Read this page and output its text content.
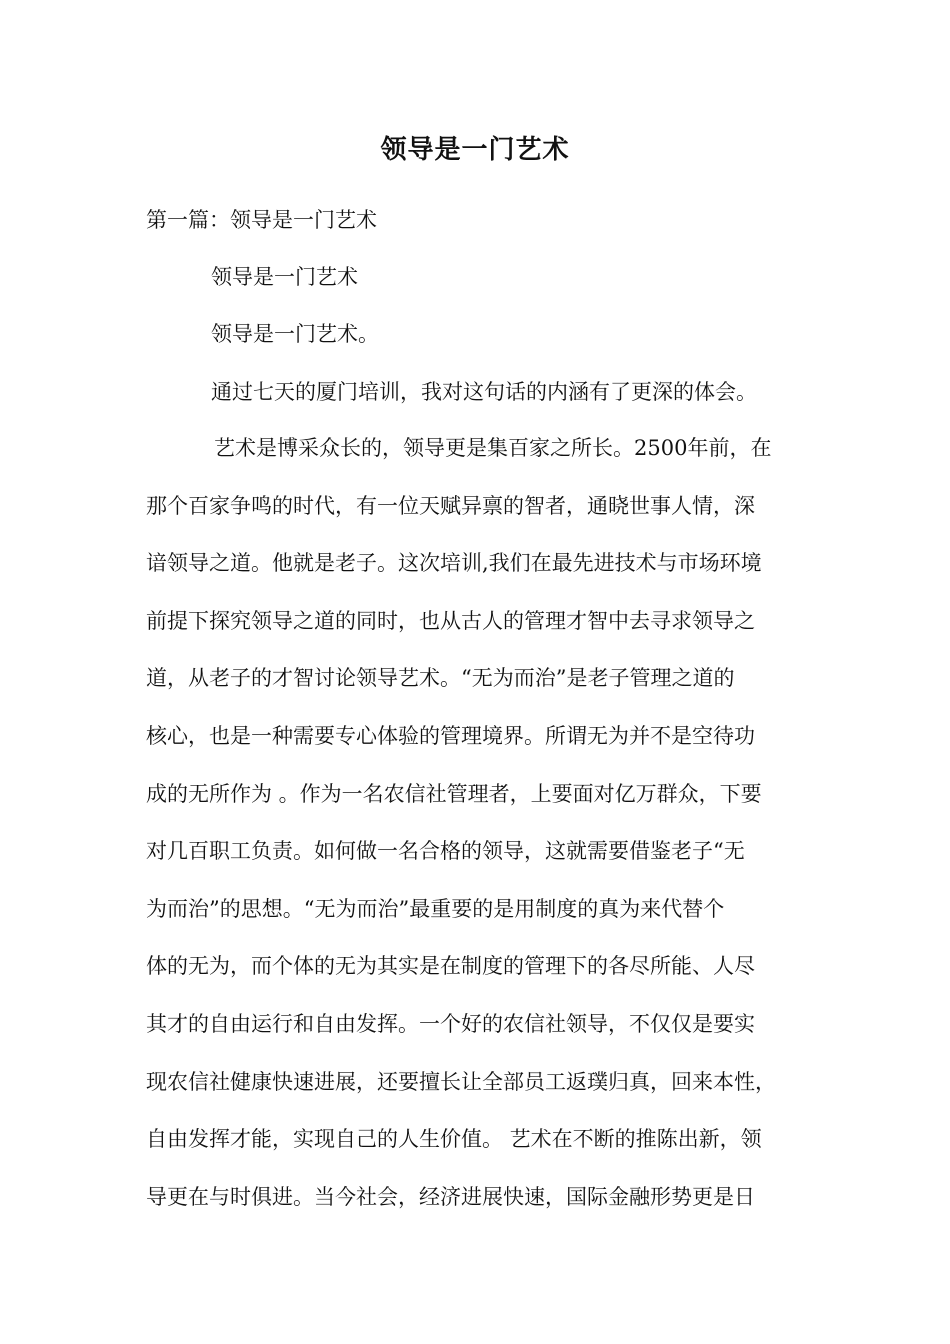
领导是一门艺术
第一篇：领导是一门艺术
领导是一门艺术
领导是一门艺术。
通过七天的厦门培训，我对这句话的内涵有了更深的体会。
艺术是博采众长的，领导更是集百家之所长。2500年前，在
那个百家争鸣的时代，有一位天赋异禀的智者，通晓世事人情，深
谙领导之道。他就是老子。这次培训,我们在最先进技术与市场环境
前提下探究领导之道的同时，也从古人的管理才智中去寻求领导之
道，从老子的才智讨论领导艺术。“无为而治”是老子管理之道的
核心，也是一种需要专心体验的管理境界。所谓无为并不是空待功
成的无所作为 。作为一名农信社管理者，上要面对亿万群众，下要
对几百职工负责。如何做一名合格的领导，这就需要借鉴老子“无
为而治”的思想。“无为而治”最重要的是用制度的真为来代替个
体的无为，而个体的无为其实是在制度的管理下的各尽所能、人尽
其才的自由运行和自由发挥。一个好的农信社领导，不仅仅是要实
现农信社健康快速进展，还要擅长让全部员工返璞归真，回来本性，
自由发挥才能，实现自己的人生价值。 艺术在不断的推陈出新，领
导更在与时俱进。当今社会，经济进展快速，国际金融形势更是日
